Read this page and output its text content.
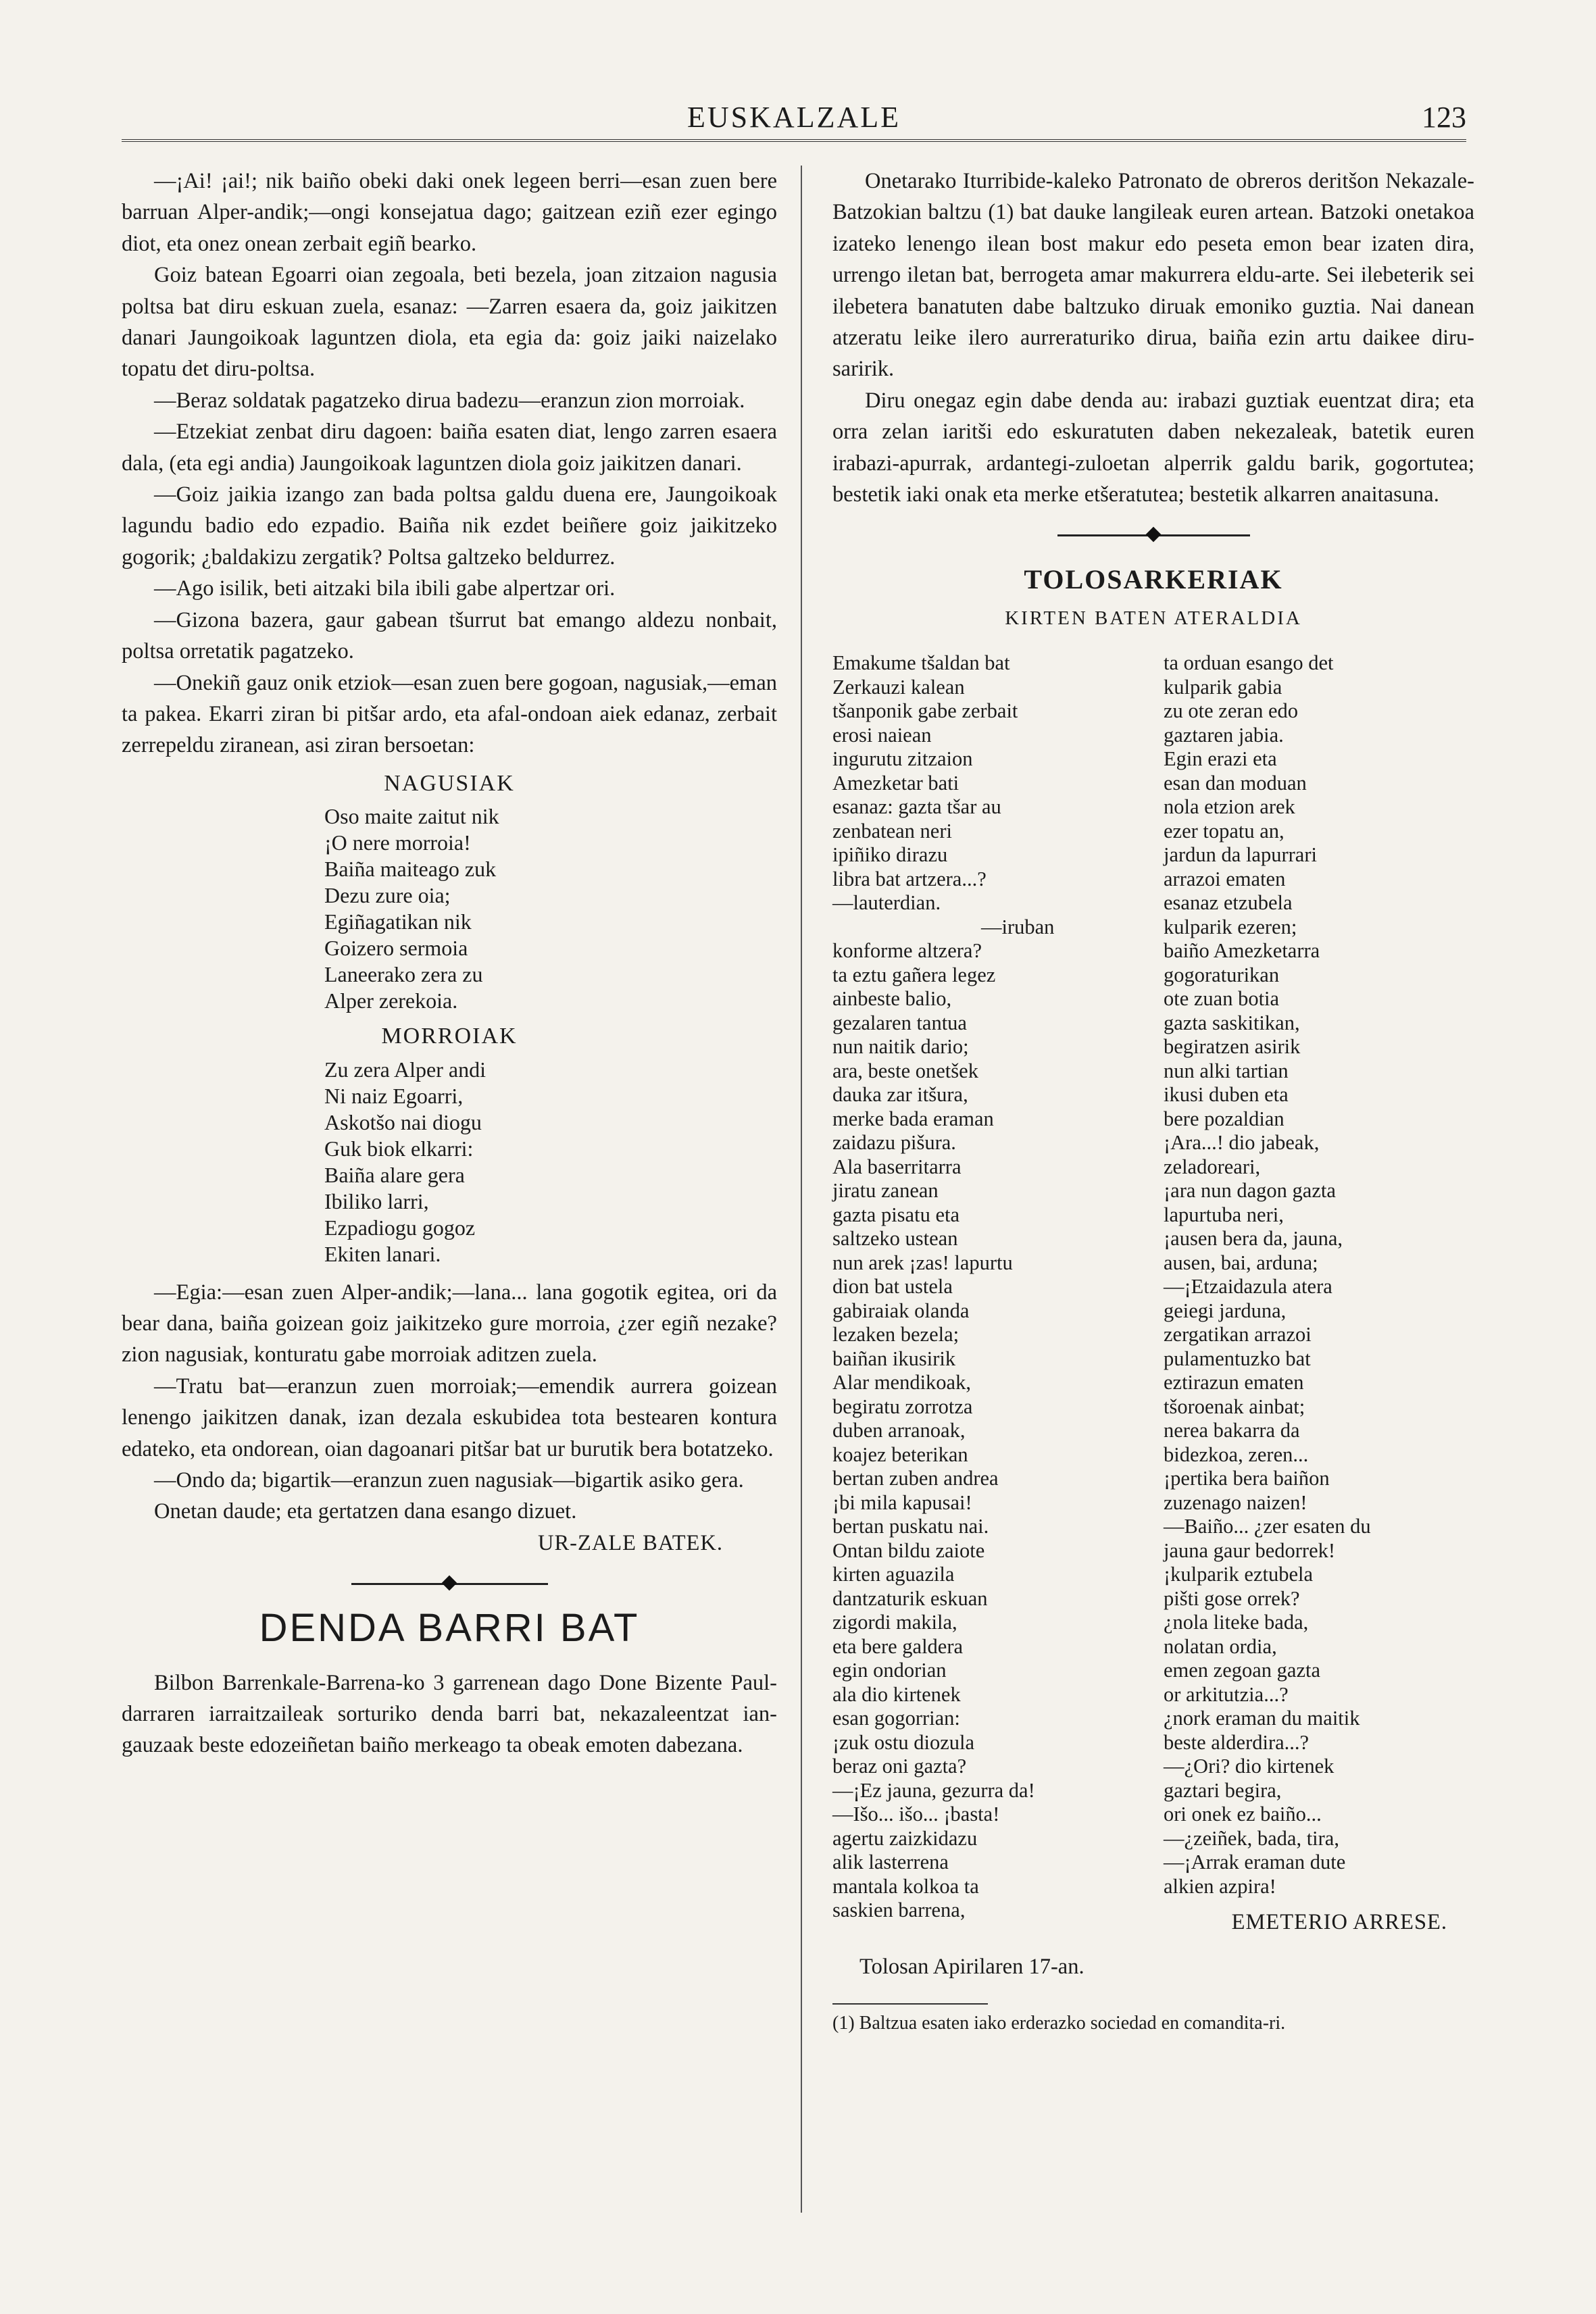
EUSKALZALE	123

—¡Ai! ¡ai!; nik baiño obeki daki onek legeen berri—esan zuen bere barruan Alper-andik;—ongi konsejatua dago; gaitzean eziñ ezer egingo diot, eta onez onean zerbait egiñ bearko.

Goiz batean Egoarri oian zegoala, beti bezela, joan zitzaion nagusia poltsa bat diru eskuan zuela, esanaz: —Zarren esaera da, goiz jaikitzen danari Jaungoikoak laguntzen diola, eta egia da: goiz jaiki naizelako topatu det diru-poltsa.

—Beraz soldatak pagatzeko dirua badezu—eranzun zion morroiak.

—Etzekiat zenbat diru dagoen: baiña esaten diat, lengo zarren esaera dala, (eta egi andia) Jaungoikoak laguntzen diola goiz jaikitzen danari.

—Goiz jaikia izango zan bada poltsa galdu duena ere, Jaungoikoak lagundu badio edo ezpadio. Baiña nik ezdet beiñere goiz jaikitzeko gogorik; ¿baldakizu zergatik? Poltsa galtzeko beldurrez.

—Ago isilik, beti aitzaki bila ibili gabe alpertzar ori.

—Gizona bazera, gaur gabean tšurrut bat emango aldezu nonbait, poltsa orretatik pagatzeko.

—Onekiñ gauz onik etziok—esan zuen bere gogoan, nagusiak,—eman ta pakea. Ekarri ziran bi pitšar ardo, eta afal-ondoan aiek edanaz, zerbait zerrepeldu ziranean, asi ziran bersoetan:

NAGUSIAK
Oso maite zaitut nik
¡O nere morroia!
Baiña maiteago zuk
Dezu zure oia;
Egiñagatikan nik
Goizero sermoia
Laneerako zera zu
Alper zerekoia.
MORROIAK
Zu zera Alper andi
Ni naiz Egoarri,
Askotšo nai diogu
Guk biok elkarri:
Baiña alare gera
Ibiliko larri,
Ezpadiogu gogoz
Ekiten lanari.

—Egia:—esan zuen Alper-andik;—lana... lana gogotik egitea, ori da bear dana, baiña goizean goiz jaikitzeko gure morroia, ¿zer egiñ nezake? zion nagusiak, konturatu gabe morroiak aditzen zuela.

—Tratu bat—eranzun zuen morroiak;—emendik aurrera goizean lenengo jaikitzen danak, izan dezala eskubidea tota bestearen kontura edateko, eta ondorean, oian dagoanari pitšar bat ur burutik bera botatzeko.

—Ondo da; bigartik—eranzun zuen nagusiak—bigartik asiko gera.

Onetan daude; eta gertatzen dana esango dizuet.

UR-ZALE BATEK.
DENDA BARRI BAT

Bilbon Barrenkale-Barrena-ko 3 garrenean dago Done Bizente Paul-darraren iarraitzaileak sorturiko denda barri bat, nekazaleentzat ian-gauzaak beste edozeiñetan baiño merkeago ta obeak emoten dabezana.

Onetarako Iturribide-kaleko Patronato de obreros deritšon Nekazale-Batzokian baltzu (1) bat dauke langileak euren artean. Batzoki onetakoa izateko lenengo ilean bost makur edo peseta emon bear izaten dira, urrengo iletan bat, berrogeta amar makurrera eldu-arte. Sei ilebeterik sei ilebetera banatuten dabe baltzuko diruak emoniko guztia. Nai danean atzeratu leike ilero aurreraturiko dirua, baiña ezin artu daikee diru-saririk.

Diru onegaz egin dabe denda au: irabazi guztiak euentzat dira; eta orra zelan iaritši edo eskuratuten daben nekezaleak, batetik euren irabazi-apurrak, ardantegi-zuloetan alperrik galdu barik, gogortutea; bestetik iaki onak eta merke etšeratutea; bestetik alkarren anaitasuna.

TOLOSARKERIAK
KIRTEN BATEN ATERALDIA
Emakume tšaldan bat
Zerkauzi kalean
tšanponik gabe zerbait
erosi naiean
ingurutu zitzaion
Amezketar bati
esanaz: gazta tšar au
zenbatean neri
ipiñiko dirazu
libra bat artzera...?
—lauterdian.
—iruban
konforme altzera?
ta eztu gañera legez
ainbeste balio,
gezalaren tantua
nun naitik dario;
ara, beste onetšek
dauka zar itšura,
merke bada eraman
zaidazu pišura.
Ala baserritarra
jiratu zanean
gazta pisatu eta
saltzeko ustean
nun arek ¡zas! lapurtu
dion bat ustela
gabiraiak olanda
lezaken bezela;
baiñan ikusirik
Alar mendikoak,
begiratu zorrotza
duben arranoak,
koajez beterikan
bertan zuben andrea
¡bi mila kapusai!
bertan puskatu nai.
Ontan bildu zaiote
kirten aguazila
dantzaturik eskuan
zigordi makila,
eta bere galdera
egin ondorian
ala dio kirtenek
esan gogorrian:
¡zuk ostu diozula
beraz oni gazta?
—¡Ez jauna, gezurra da!
—Išo... išo... ¡basta!
agertu zaizkidazu
alik lasterrena
mantala kolkoa ta
saskien barrena,
ta orduan esango det
kulparik gabia
zu ote zeran edo
gaztaren jabia.
Egin erazi eta
esan dan moduan
nola etzion arek
ezer topatu an,
jardun da lapurrari
arrazoi ematen
esanaz etzubela
kulparik ezeren;
baiño Amezketarra
gogoraturikan
ote zuan botia
gazta saskitikan,
begiratzen asirik
nun alki tartian
ikusi duben eta
bere pozaldian
¡Ara...! dio jabeak,
zeladoreari,
¡ara nun dagon gazta
lapurtuba neri,
¡ausen bera da, jauna,
ausen, bai, arduna;
—¡Etzaidazula atera
geiegi jarduna,
zergatikan arrazoi
pulamentuzko bat
eztirazun ematen
tšoroenak ainbat;
nerea bakarra da
bidezkoa, zeren...
¡pertika bera baiñon
zuzenago naizen!
—Baiño... ¿zer esaten du
jauna gaur bedorrek!
¡kulparik eztubela
pišti gose orrek?
¿nola liteke bada,
nolatan ordia,
emen zegoan gazta
or arkitutzia...?
¿nork eraman du maitik
beste alderdira...?
—¿Ori? dio kirtenek
gaztari begira,
ori onek ez baiño...
—¿zeiñek, bada, tira,
—¡Arrak eraman dute
alkien azpira!
EMETERIO ARRESE.
Tolosan Apirilaren 17-an.
(1) Baltzua esaten iako erderazko sociedad en comandita-ri.
